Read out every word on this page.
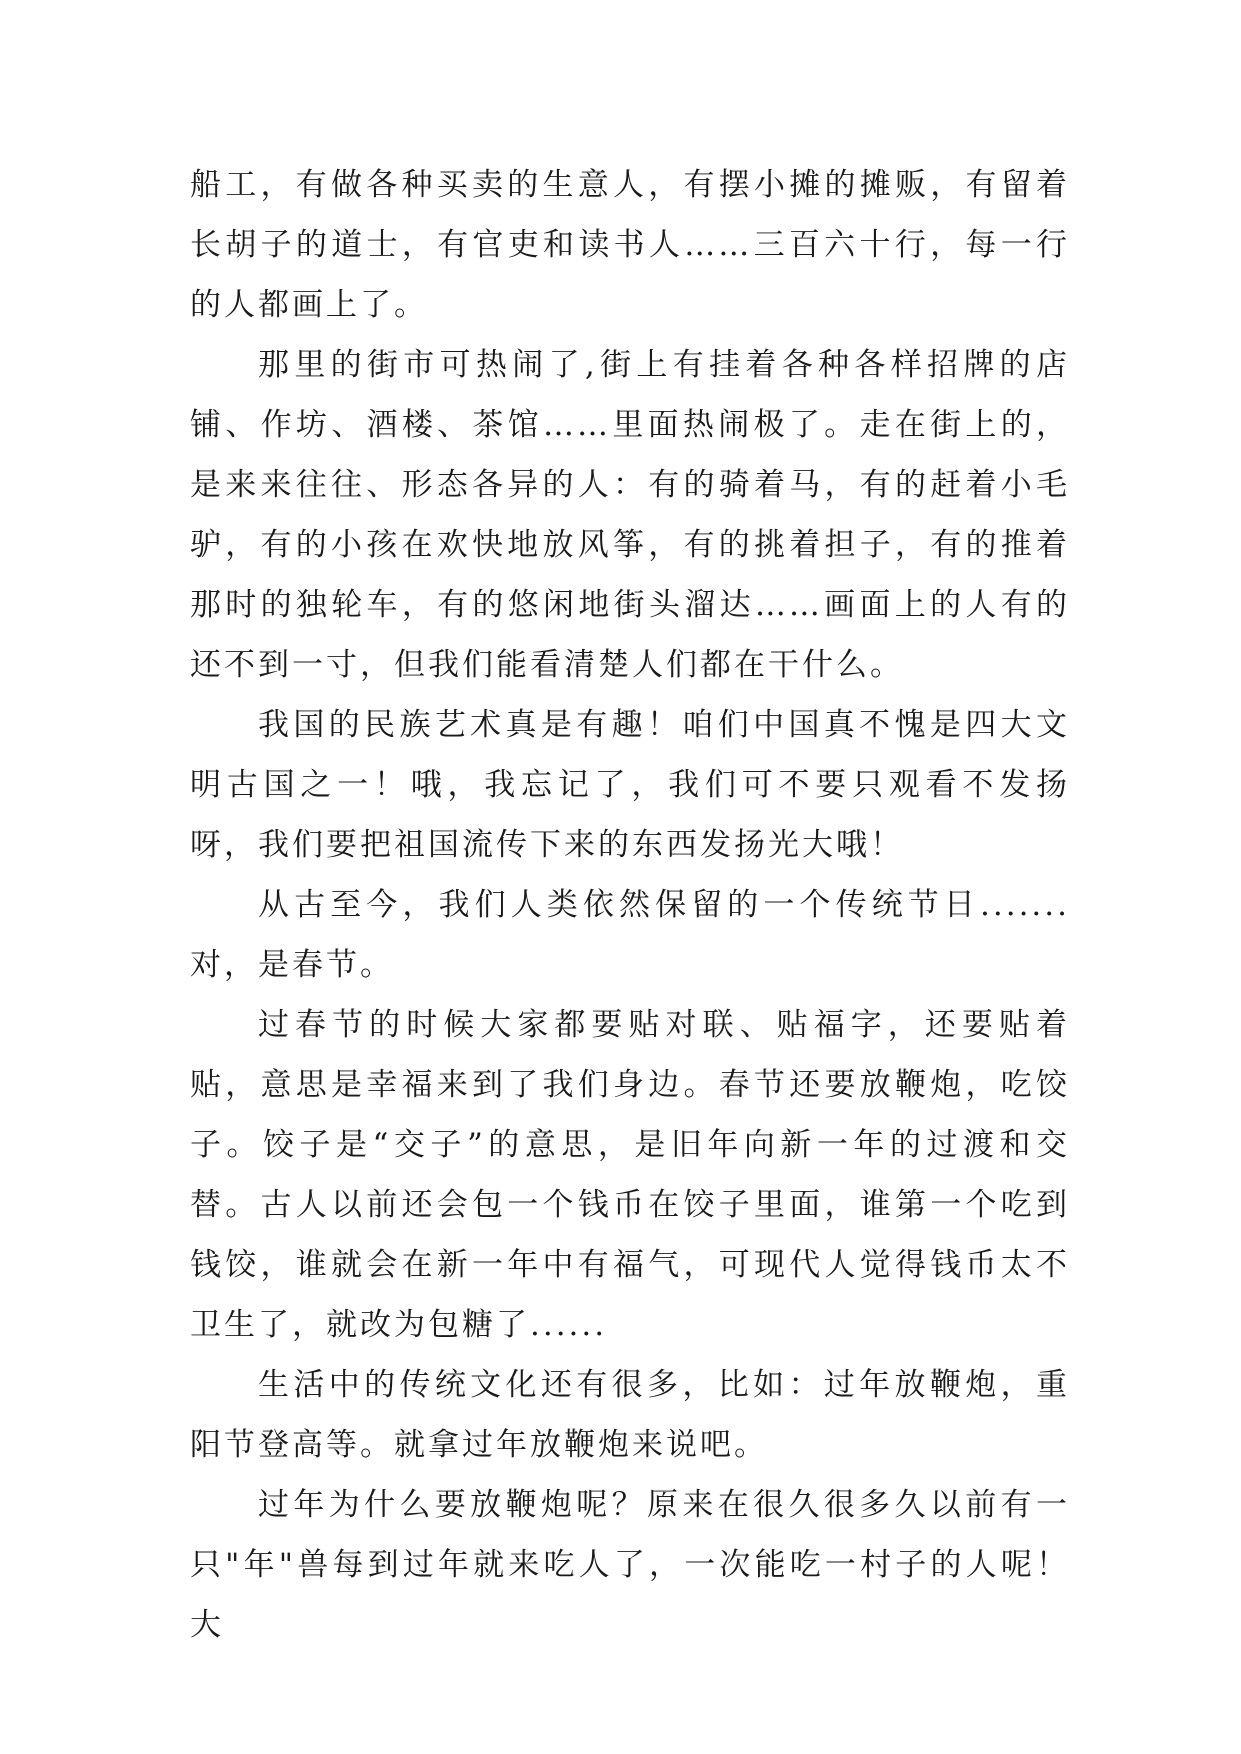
船工，有做各种买卖的生意人，有摆小摊的摊贩，有留着长胡子的道士，有官吏和读书人……三百六十行，每一行的人都画上了。

那里的街市可热闹了,街上有挂着各种各样招牌的店铺、作坊、酒楼、茶馆……里面热闹极了。走在街上的，是来来往往、形态各异的人：有的骑着马，有的赶着小毛驴，有的小孩在欢快地放风筝，有的挑着担子，有的推着那时的独轮车，有的悠闲地街头溜达……画面上的人有的还不到一寸，但我们能看清楚人们都在干什么。

我国的民族艺术真是有趣！咱们中国真不愧是四大文明古国之一！哦，我忘记了，我们可不要只观看不发扬呀，我们要把祖国流传下来的东西发扬光大哦！

从古至今，我们人类依然保留的一个传统节日.......对，是春节。

过春节的时候大家都要贴对联、贴福字，还要贴着贴，意思是幸福来到了我们身边。春节还要放鞭炮，吃饺子。饺子是“交子”的意思，是旧年向新一年的过渡和交替。古人以前还会包一个钱币在饺子里面，谁第一个吃到钱饺，谁就会在新一年中有福气，可现代人觉得钱币太不卫生了，就改为包糖了......

生活中的传统文化还有很多，比如：过年放鞭炮，重阳节登高等。就拿过年放鞭炮来说吧。

过年为什么要放鞭炮呢？原来在很久很多久以前有一只"年"兽每到过年就来吃人了，一次能吃一村子的人呢！大
